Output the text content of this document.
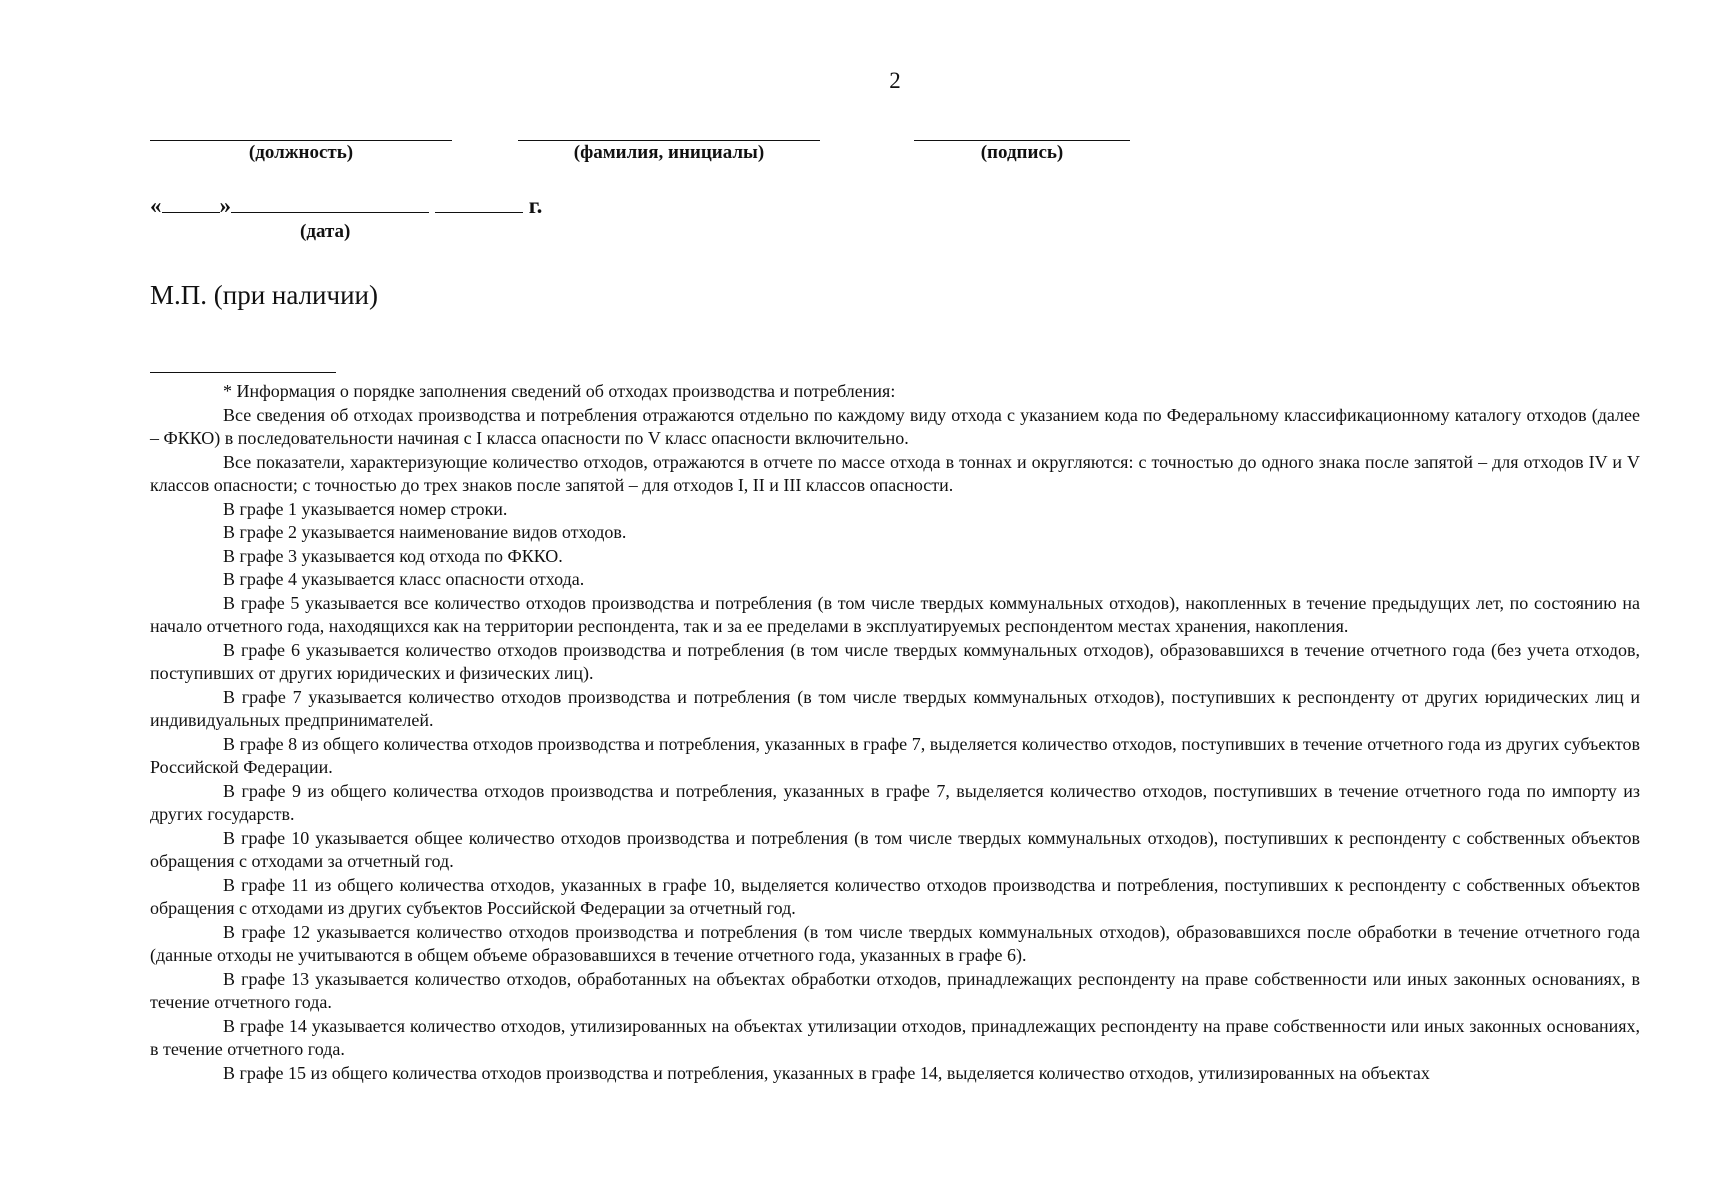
2
(должность)	(фамилия, инициалы)	(подпись)
«	»	г.
(дата)
М.П. (при наличии)
* Информация о порядке заполнения сведений об отходах производства и потребления:
Все сведения об отходах производства и потребления отражаются отдельно по каждому виду отхода с указанием кода по Федеральному классификационному каталогу отходов (далее – ФККО) в последовательности начиная с I класса опасности по V класс опасности включительно.
Все показатели, характеризующие количество отходов, отражаются в отчете по массе отхода в тоннах и округляются: с точностью до одного знака после запятой – для отходов IV и V классов опасности; с точностью до трех знаков после запятой – для отходов I, II и III классов опасности.
В графе 1 указывается номер строки.
В графе 2 указывается наименование видов отходов.
В графе 3 указывается код отхода по ФККО.
В графе 4 указывается класс опасности отхода.
В графе 5 указывается все количество отходов производства и потребления (в том числе твердых коммунальных отходов), накопленных в течение предыдущих лет, по состоянию на начало отчетного года, находящихся как на территории респондента, так и за ее пределами в эксплуатируемых респондентом местах хранения, накопления.
В графе 6 указывается количество отходов производства и потребления (в том числе твердых коммунальных отходов), образовавшихся в течение отчетного года (без учета отходов, поступивших от других юридических и физических лиц).
В графе 7 указывается количество отходов производства и потребления (в том числе твердых коммунальных отходов), поступивших к респонденту от других юридических лиц и индивидуальных предпринимателей.
В графе 8 из общего количества отходов производства и потребления, указанных в графе 7, выделяется количество отходов, поступивших в течение отчетного года из других субъектов Российской Федерации.
В графе 9 из общего количества отходов производства и потребления, указанных в графе 7, выделяется количество отходов, поступивших в течение отчетного года по импорту из других государств.
В графе 10 указывается общее количество отходов производства и потребления (в том числе твердых коммунальных отходов), поступивших к респонденту с собственных объектов обращения с отходами за отчетный год.
В графе 11 из общего количества отходов, указанных в графе 10, выделяется количество отходов производства и потребления, поступивших к респонденту с собственных объектов обращения с отходами из других субъектов Российской Федерации за отчетный год.
В графе 12 указывается количество отходов производства и потребления (в том числе твердых коммунальных отходов), образовавшихся после обработки в течение отчетного года (данные отходы не учитываются в общем объеме образовавшихся в течение отчетного года, указанных в графе 6).
В графе 13 указывается количество отходов, обработанных на объектах обработки отходов, принадлежащих респонденту на праве собственности или иных законных основаниях, в течение отчетного года.
В графе 14 указывается количество отходов, утилизированных на объектах утилизации отходов, принадлежащих респонденту на праве собственности или иных законных основаниях, в течение отчетного года.
В графе 15 из общего количества отходов производства и потребления, указанных в графе 14, выделяется количество отходов, утилизированных на объектах
